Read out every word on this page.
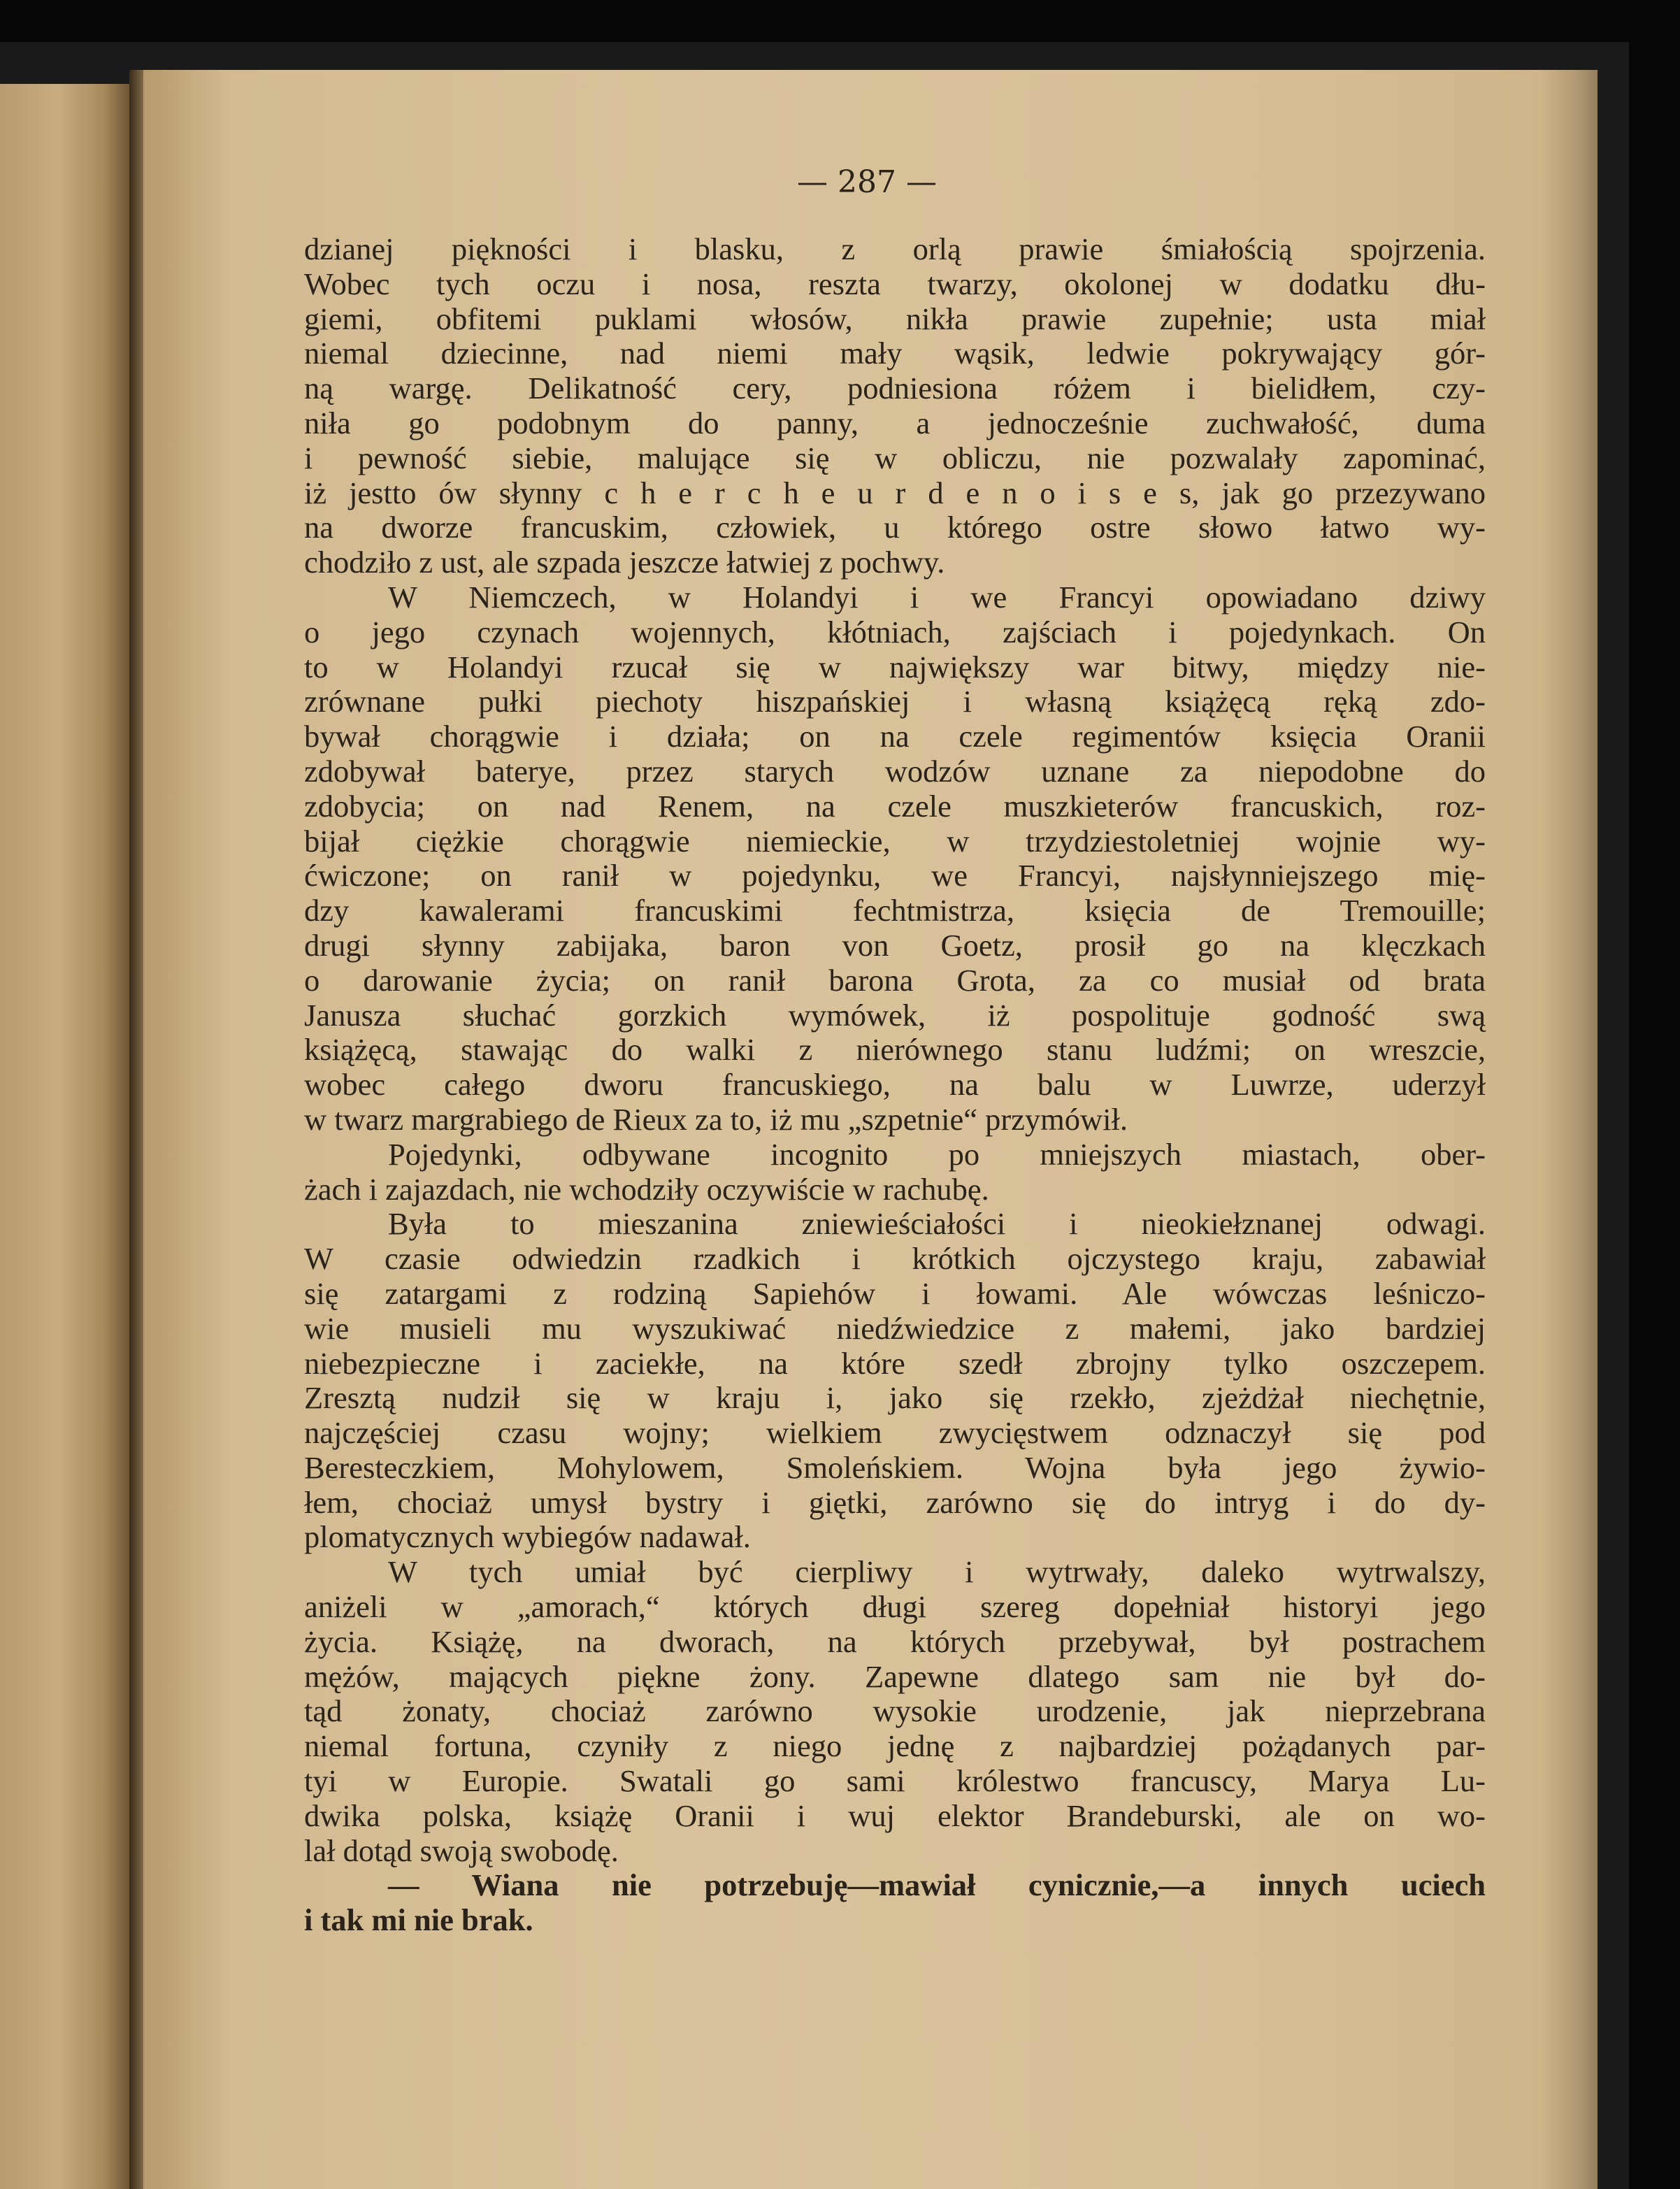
— 287 —
dzianej piękności i blasku, z orlą prawie śmiałością spojrzenia.
Wobec tych oczu i nosa, reszta twarzy, okolonej w dodatku dłu-
giemi, obfitemi puklami włosów, nikła prawie zupełnie; usta miał
niemal dziecinne, nad niemi mały wąsik, ledwie pokrywający gór-
ną wargę. Delikatność cery, podniesiona różem i bielidłem, czy-
niła go podobnym do panny, a jednocześnie zuchwałość, duma
i pewność siebie, malujące się w obliczu, nie pozwalały zapominać,
iż jestto ów słynny c h e r c h e u r d e n o i s e s, jak go przezywano
na dworze francuskim, człowiek, u którego ostre słowo łatwo wy-
chodziło z ust, ale szpada jeszcze łatwiej z pochwy.
W Niemczech, w Holandyi i we Francyi opowiadano dziwy
o jego czynach wojennych, kłótniach, zajściach i pojedynkach. On
to w Holandyi rzucał się w największy war bitwy, między nie-
zrównane pułki piechoty hiszpańskiej i własną książęcą ręką zdo-
bywał chorągwie i działa; on na czele regimentów księcia Oranii
zdobywał baterye, przez starych wodzów uznane za niepodobne do
zdobycia; on nad Renem, na czele muszkieterów francuskich, roz-
bijał ciężkie chorągwie niemieckie, w trzydziestoletniej wojnie wy-
ćwiczone; on ranił w pojedynku, we Francyi, najsłynniejszego mię-
dzy kawalerami francuskimi fechtmistrza, księcia de Tremouille;
drugi słynny zabijaka, baron von Goetz, prosił go na klęczkach
o darowanie życia; on ranił barona Grota, za co musiał od brata
Janusza słuchać gorzkich wymówek, iż pospolituje godność swą
książęcą, stawając do walki z nierównego stanu ludźmi; on wreszcie,
wobec całego dworu francuskiego, na balu w Luwrze, uderzył
w twarz margrabiego de Rieux za to, iż mu „szpetnie“ przymówił.
Pojedynki, odbywane incognito po mniejszych miastach, ober-
żach i zajazdach, nie wchodziły oczywiście w rachubę.
Była to mieszanina zniewieściałości i nieokiełznanej odwagi.
W czasie odwiedzin rzadkich i krótkich ojczystego kraju, zabawiał
się zatargami z rodziną Sapiehów i łowami. Ale wówczas leśniczo-
wie musieli mu wyszukiwać niedźwiedzice z małemi, jako bardziej
niebezpieczne i zaciekłe, na które szedł zbrojny tylko oszczepem.
Zresztą nudził się w kraju i, jako się rzekło, zjeżdżał niechętnie,
najczęściej czasu wojny; wielkiem zwycięstwem odznaczył się pod
Beresteczkiem, Mohylowem, Smoleńskiem. Wojna była jego żywio-
łem, chociaż umysł bystry i giętki, zarówno się do intryg i do dy-
plomatycznych wybiegów nadawał.
W tych umiał być cierpliwy i wytrwały, daleko wytrwalszy,
aniżeli w „amorach,“ których długi szereg dopełniał historyi jego
życia. Książę, na dworach, na których przebywał, był postrachem
mężów, mających piękne żony. Zapewne dlatego sam nie był do-
tąd żonaty, chociaż zarówno wysokie urodzenie, jak nieprzebrana
niemal fortuna, czyniły z niego jednę z najbardziej pożądanych par-
tyi w Europie. Swatali go sami królestwo francuscy, Marya Lu-
dwika polska, książę Oranii i wuj elektor Brandeburski, ale on wo-
lał dotąd swoją swobodę.
— Wiana nie potrzebuję—mawiał cynicznie,—a innych uciech
i tak mi nie brak.
